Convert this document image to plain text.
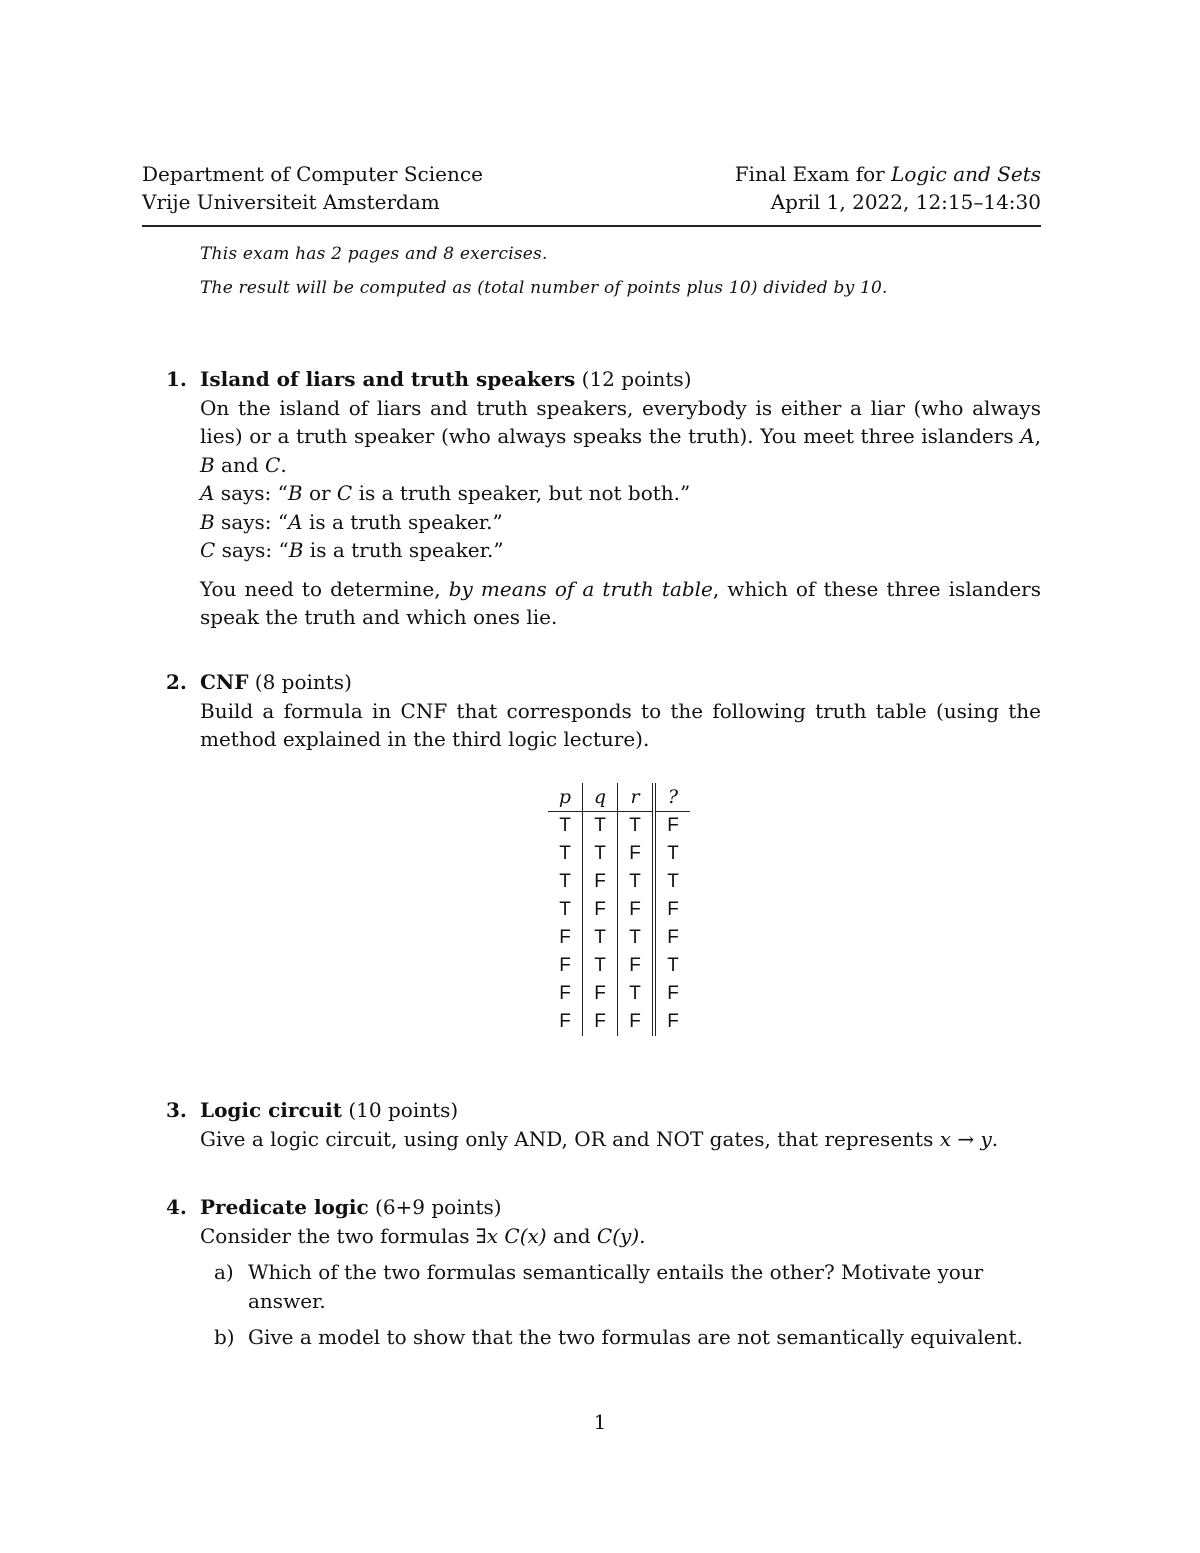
Department of Computer Science
Vrije Universiteit Amsterdam
Final Exam for Logic and Sets
April 1, 2022, 12:15–14:30
This exam has 2 pages and 8 exercises.
The result will be computed as (total number of points plus 10) divided by 10.
1. Island of liars and truth speakers (12 points)
On the island of liars and truth speakers, everybody is either a liar (who always lies) or a truth speaker (who always speaks the truth). You meet three islanders A, B and C.
A says: “B or C is a truth speaker, but not both.”
B says: “A is a truth speaker.”
C says: “B is a truth speaker.”
You need to determine, by means of a truth table, which of these three islanders speak the truth and which ones lie.
2. CNF (8 points)
Build a formula in CNF that corresponds to the following truth table (using the method explained in the third logic lecture).
p	q	r	?
T	T	T	F
T	T	F	T
T	F	T	T
T	F	F	F
F	T	T	F
F	T	F	T
F	F	T	F
F	F	F	F
3. Logic circuit (10 points)
Give a logic circuit, using only AND, OR and NOT gates, that represents x → y.
4. Predicate logic (6+9 points)
Consider the two formulas ∃x C(x) and C(y).
a) Which of the two formulas semantically entails the other? Motivate your answer.
b) Give a model to show that the two formulas are not semantically equivalent.
1
